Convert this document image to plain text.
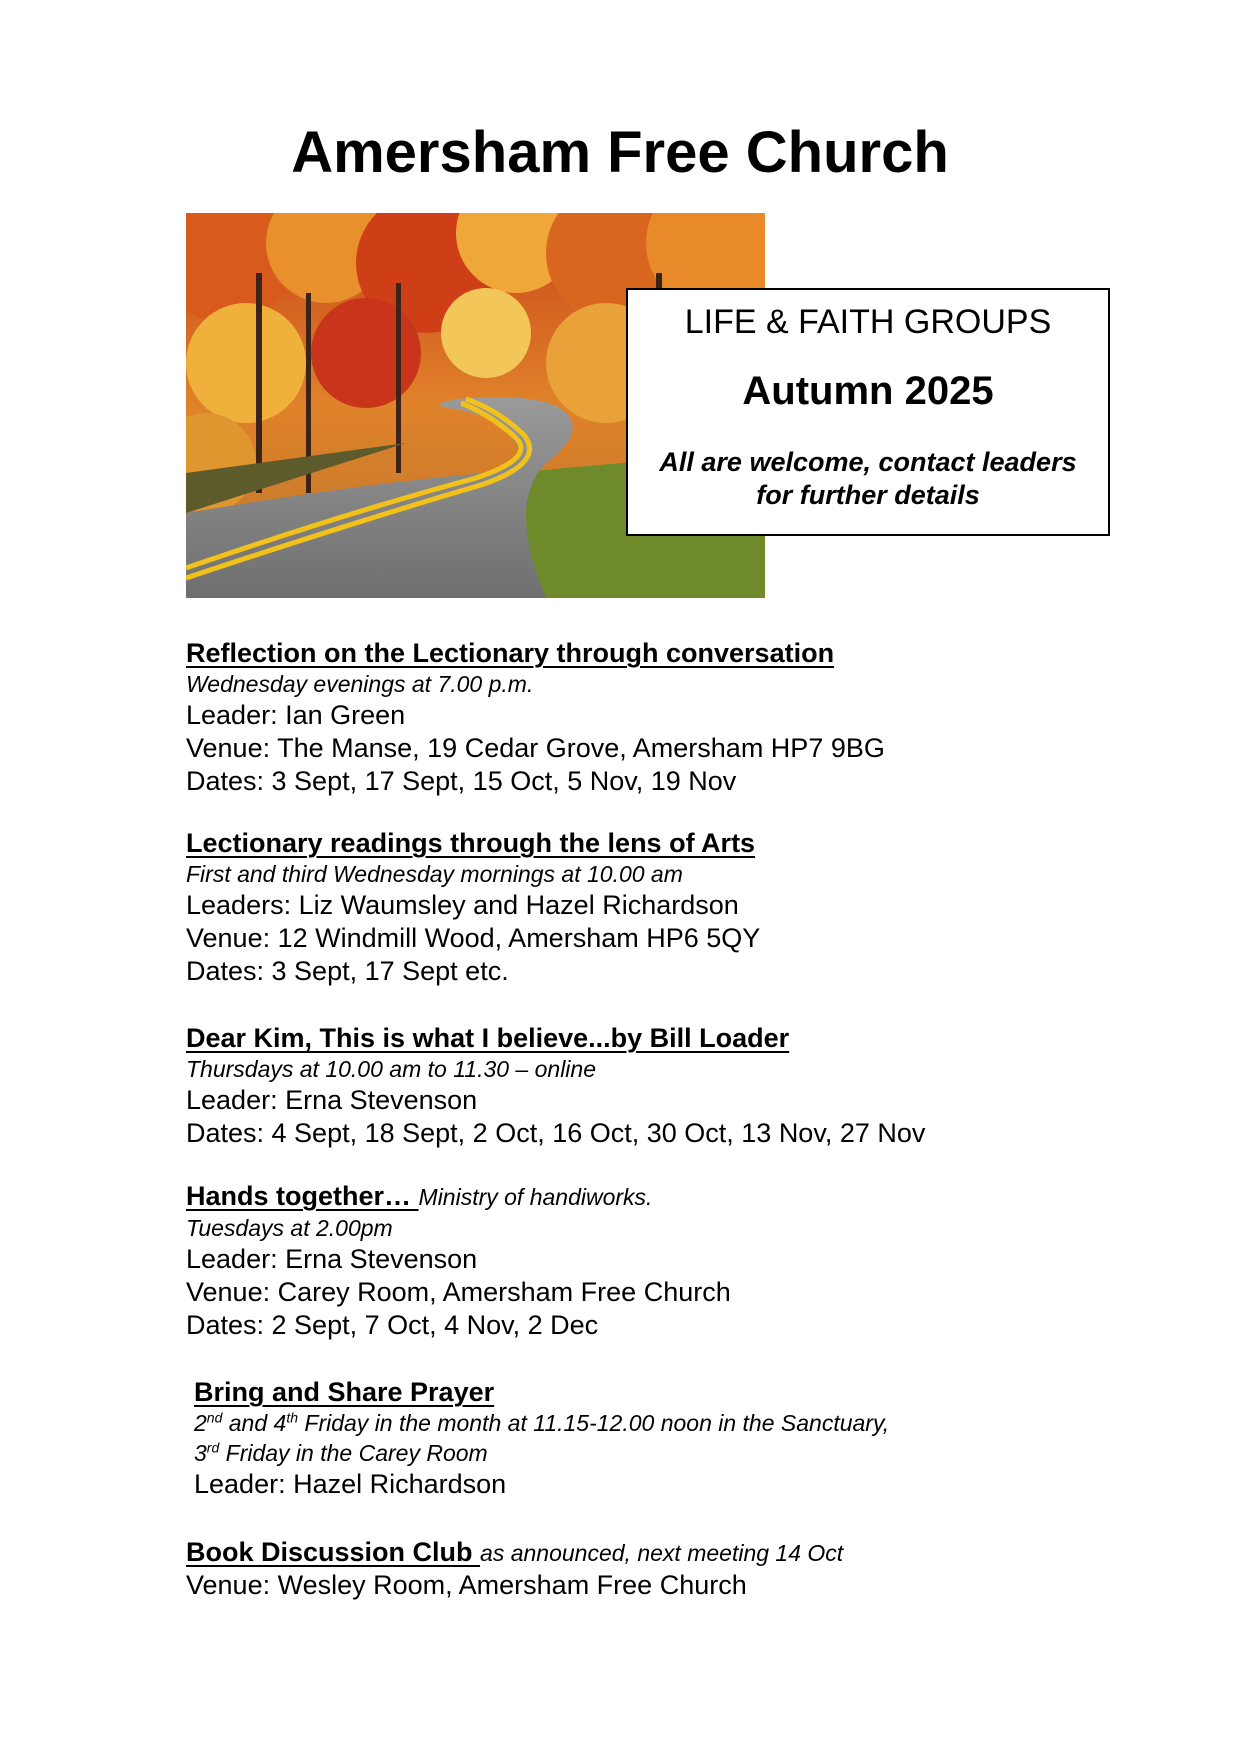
Amersham Free Church
LIFE & FAITH GROUPS
Autumn 2025
All are welcome, contact leaders
for further details
Reflection on the Lectionary through conversation
Wednesday evenings at 7.00 p.m.
Leader: Ian Green
Venue: The Manse, 19 Cedar Grove, Amersham HP7 9BG
Dates: 3 Sept, 17 Sept, 15 Oct, 5 Nov, 19 Nov
Lectionary readings through the lens of Arts
First and third Wednesday mornings at 10.00 am
Leaders: Liz Waumsley and Hazel Richardson
Venue: 12 Windmill Wood, Amersham HP6 5QY
Dates: 3 Sept, 17 Sept etc.
Dear Kim, This is what I believe...by Bill Loader
Thursdays at 10.00 am to 11.30 – online
Leader: Erna Stevenson
Dates: 4 Sept, 18 Sept, 2 Oct, 16 Oct, 30 Oct, 13 Nov, 27 Nov
Hands together… Ministry of handiworks.
Tuesdays at 2.00pm
Leader: Erna Stevenson
Venue: Carey Room, Amersham Free Church
Dates: 2 Sept, 7 Oct, 4 Nov, 2 Dec
Bring and Share Prayer
2nd and 4th Friday in the month at 11.15-12.00 noon in the Sanctuary,
3rd Friday in the Carey Room
Leader: Hazel Richardson
Book Discussion Club as announced, next meeting 14 Oct
Venue: Wesley Room, Amersham Free Church
